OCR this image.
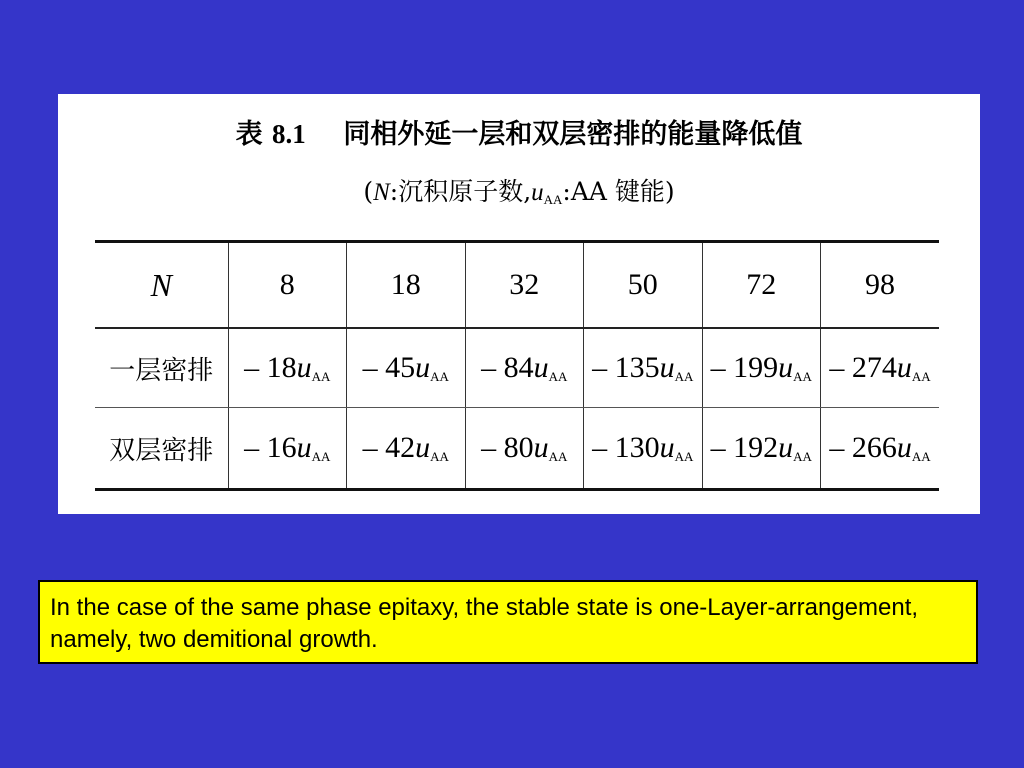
表 8.1 同相外延一层和双层密排的能量降低值
(N:沉积原子数$,u_{AA}:AA$ 键能)
N	8	18	32	50	72	98
一层密排	– $18u_{AA}$	– $45u_{AA}$	– $84u_{AA}$	– $135u_{AA}$	– $199u_{AA}$	– $274u_{AA}$
双层密排	– $16u_{AA}$	– $42u_{AA}$	– $80u_{AA}$	– $130u_{AA}$	– $192u_{AA}$	– $266u_{AA}$
In the case of the same phase epitaxy, the stable state is one-Layer-arrangement, namely, two demitional growth.
